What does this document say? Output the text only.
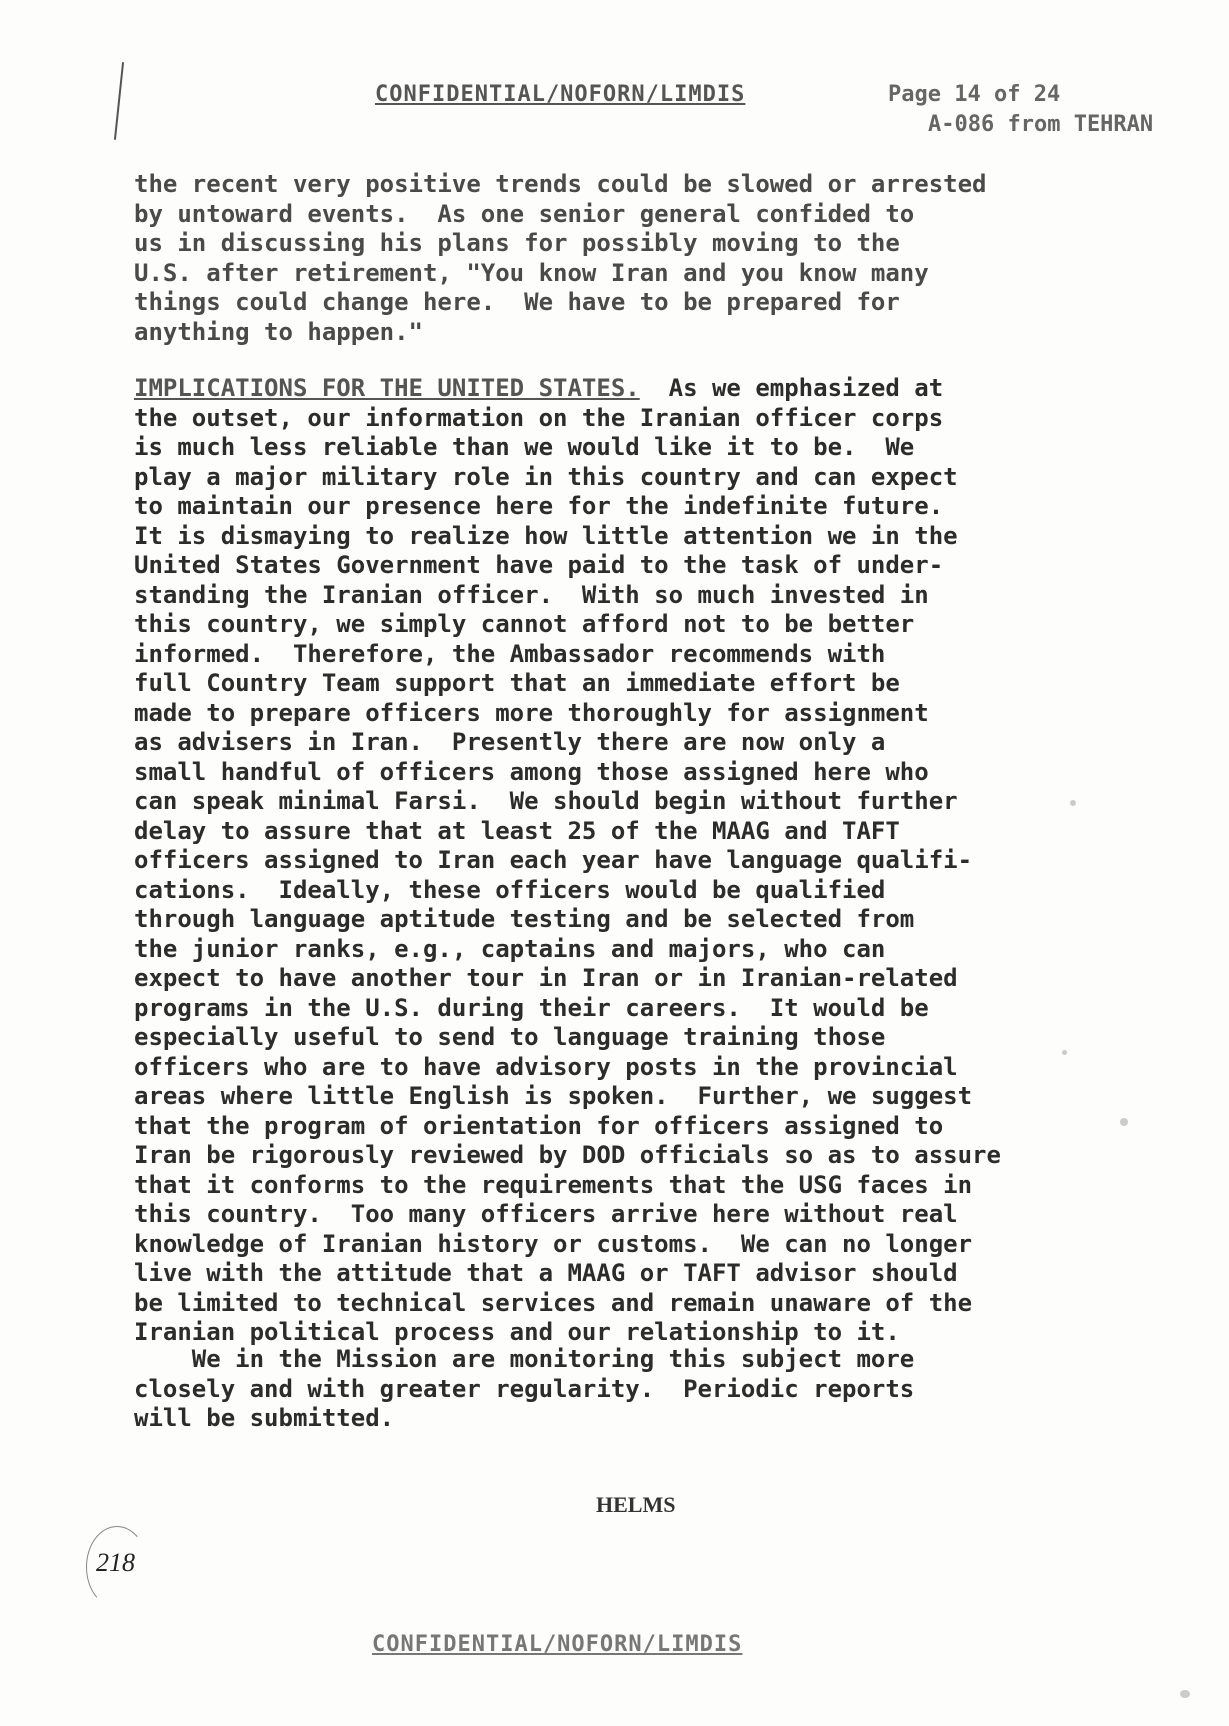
CONFIDENTIAL/NOFORN/LIMDIS	Page 14 of 24
A-086 from TEHRAN
the recent very positive trends could be slowed or arrested
by untoward events.  As one senior general confided to
us in discussing his plans for possibly moving to the
U.S. after retirement, "You know Iran and you know many
things could change here.  We have to be prepared for
anything to happen."
IMPLICATIONS FOR THE UNITED STATES.  As we emphasized at
the outset, our information on the Iranian officer corps
is much less reliable than we would like it to be.  We
play a major military role in this country and can expect
to maintain our presence here for the indefinite future.
It is dismaying to realize how little attention we in the
United States Government have paid to the task of under-
standing the Iranian officer.  With so much invested in
this country, we simply cannot afford not to be better
informed.  Therefore, the Ambassador recommends with
full Country Team support that an immediate effort be
made to prepare officers more thoroughly for assignment
as advisers in Iran.  Presently there are now only a
small handful of officers among those assigned here who
can speak minimal Farsi.  We should begin without further
delay to assure that at least 25 of the MAAG and TAFT
officers assigned to Iran each year have language qualifi-
cations.  Ideally, these officers would be qualified
through language aptitude testing and be selected from
the junior ranks, e.g., captains and majors, who can
expect to have another tour in Iran or in Iranian-related
programs in the U.S. during their careers.  It would be
especially useful to send to language training those
officers who are to have advisory posts in the provincial
areas where little English is spoken.  Further, we suggest
that the program of orientation for officers assigned to
Iran be rigorously reviewed by DOD officials so as to assure
that it conforms to the requirements that the USG faces in
this country.  Too many officers arrive here without real
knowledge of Iranian history or customs.  We can no longer
live with the attitude that a MAAG or TAFT advisor should
be limited to technical services and remain unaware of the
Iranian political process and our relationship to it.
We in the Mission are monitoring this subject more
closely and with greater regularity.  Periodic reports
will be submitted.
HELMS
218
CONFIDENTIAL/NOFORN/LIMDIS
